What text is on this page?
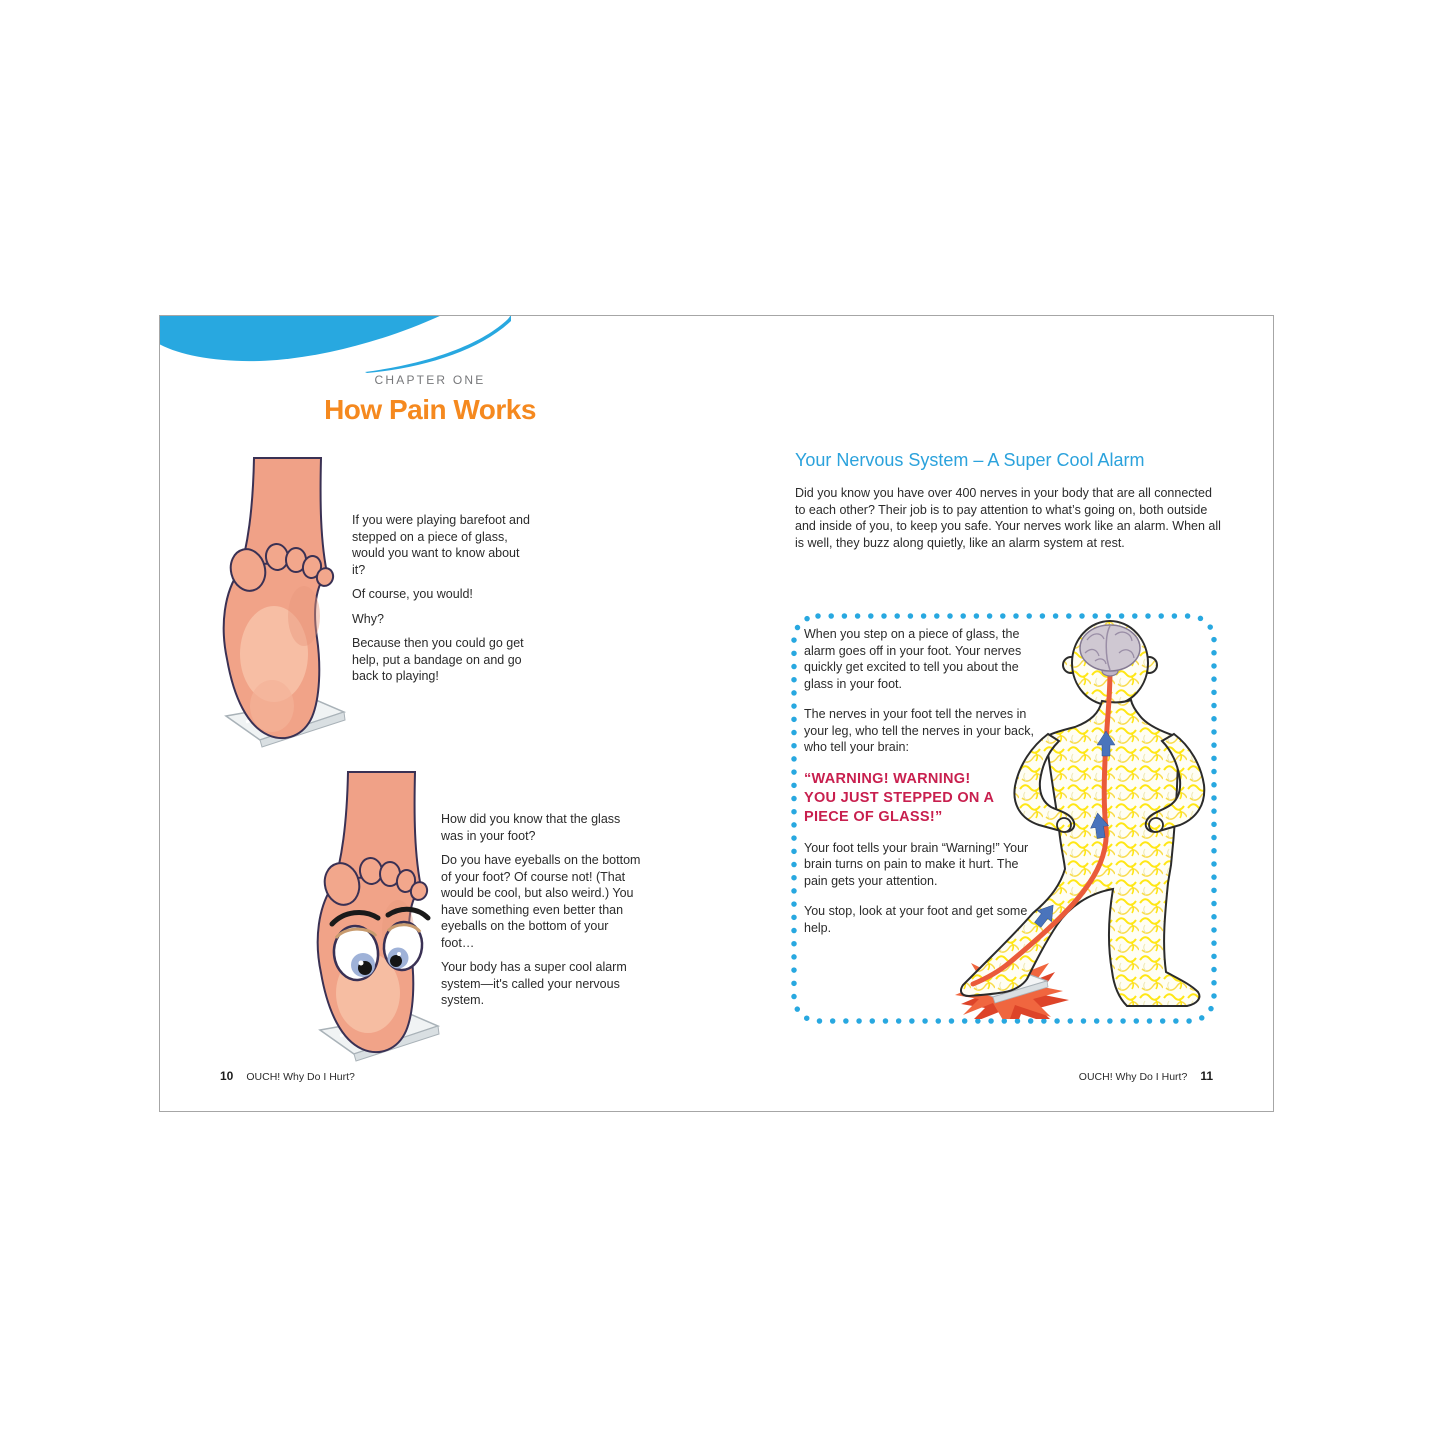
CHAPTER ONE
How Pain Works

If you were playing barefoot and stepped on a piece of glass, would you want to know about it?

Of course, you would!

Why?

Because then you could go get help, put a bandage on and go back to playing!

How did you know that the glass was in your foot?

Do you have eyeballs on the bottom of your foot? Of course not! (That would be cool, but also weird.) You have something even better than eyeballs on the bottom of your foot…

Your body has a super cool alarm system—it's called your nervous system.

Your Nervous System – A Super Cool Alarm
Did you know you have over 400 nerves in your body that are all connected to each other? Their job is to pay attention to what’s going on, both outside and inside of you, to keep you safe. Your nerves work like an alarm. When all is well, they buzz along quietly, like an alarm system at rest.

When you step on a piece of glass, the alarm goes off in your foot. Your nerves quickly get excited to tell you about the glass in your foot.

The nerves in your foot tell the nerves in your leg, who tell the nerves in your back, who tell your brain:

“WARNING! WARNING!
YOU JUST STEPPED ON A
PIECE OF GLASS!”

Your foot tells your brain “Warning!” Your brain turns on pain to make it hurt. The pain gets your attention.

You stop, look at your foot and get some help.

10 OUCH! Why Do I Hurt?	OUCH! Why Do I Hurt? 11
